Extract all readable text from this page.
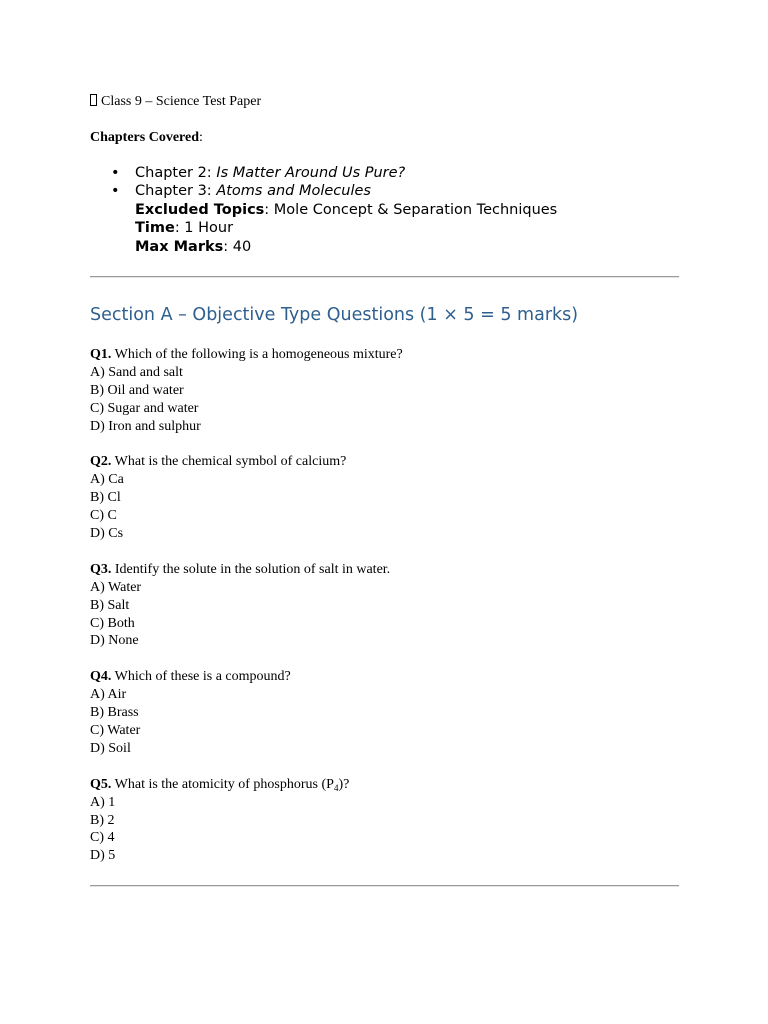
Class 9 – Science Test Paper
Chapters Covered:
• Chapter 2: Is Matter Around Us Pure?
• Chapter 3: Atoms and Molecules
Excluded Topics: Mole Concept & Separation Techniques
Time: 1 Hour
Max Marks: 40
Section A – Objective Type Questions (1 × 5 = 5 marks)
Q1. Which of the following is a homogeneous mixture?
A) Sand and salt
B) Oil and water
C) Sugar and water
D) Iron and sulphur
Q2. What is the chemical symbol of calcium?
A) Ca
B) Cl
C) C
D) Cs
Q3. Identify the solute in the solution of salt in water.
A) Water
B) Salt
C) Both
D) None
Q4. Which of these is a compound?
A) Air
B) Brass
C) Water
D) Soil
Q5. What is the atomicity of phosphorus $(P_4)$?
A) 1
B) 2
C) 4
D) 5
